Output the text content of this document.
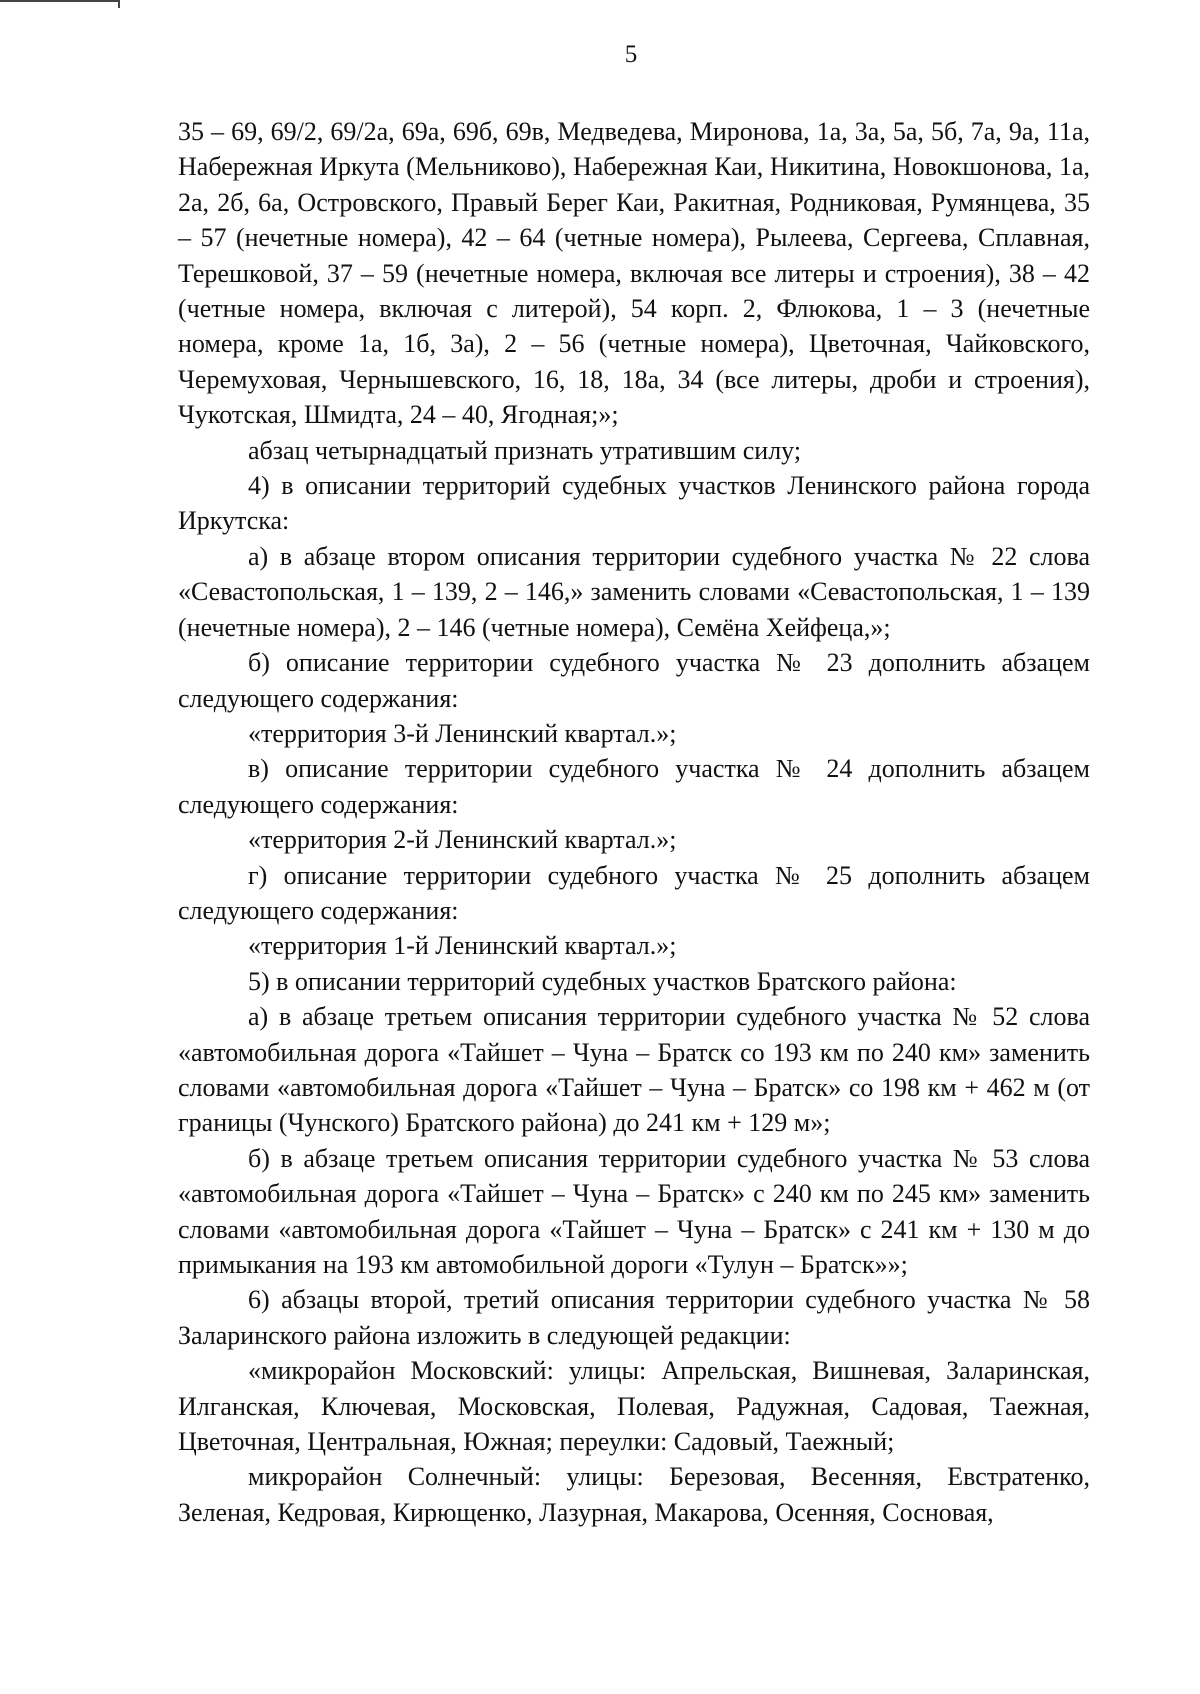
5

35 – 69, 69/2, 69/2а, 69а, 69б, 69в, Медведева, Миронова, 1а, 3а, 5а, 5б, 7а, 9а, 11а, Набережная Иркута (Мельниково), Набережная Каи, Никитина, Новокшонова, 1а, 2а, 2б, 6а, Островского, Правый Берег Каи, Ракитная, Родниковая, Румянцева, 35 – 57 (нечетные номера), 42 – 64 (четные номера), Рылеева, Сергеева, Сплавная, Терешковой, 37 – 59 (нечетные номера, включая все литеры и строения), 38 – 42 (четные номера, включая с литерой), 54 корп. 2, Флюкова, 1 – 3 (нечетные номера, кроме 1а, 1б, 3а), 2 – 56 (четные номера), Цветочная, Чайковского, Черемуховая, Чернышевского, 16, 18, 18а, 34 (все литеры, дроби и строения), Чукотская, Шмидта, 24 – 40, Ягодная;»;

абзац четырнадцатый признать утратившим силу;

4) в описании территорий судебных участков Ленинского района города Иркутска:

а) в абзаце втором описания территории судебного участка № 22 слова «Севастопольская, 1 – 139, 2 – 146,» заменить словами «Севастопольская, 1 – 139 (нечетные номера), 2 – 146 (четные номера), Семёна Хейфеца,»;

б) описание территории судебного участка № 23 дополнить абзацем следующего содержания:

«территория 3-й Ленинский квартал.»;

в) описание территории судебного участка № 24 дополнить абзацем следующего содержания:

«территория 2-й Ленинский квартал.»;

г) описание территории судебного участка № 25 дополнить абзацем следующего содержания:

«территория 1-й Ленинский квартал.»;

5) в описании территорий судебных участков Братского района:

а) в абзаце третьем описания территории судебного участка № 52 слова «автомобильная дорога «Тайшет – Чуна – Братск со 193 км по 240 км» заменить словами «автомобильная дорога «Тайшет – Чуна – Братск» со 198 км + 462 м (от границы (Чунского) Братского района) до 241 км + 129 м»;

б) в абзаце третьем описания территории судебного участка № 53 слова «автомобильная дорога «Тайшет – Чуна – Братск» с 240 км по 245 км» заменить словами «автомобильная дорога «Тайшет – Чуна – Братск» с 241 км + 130 м до примыкания на 193 км автомобильной дороги «Тулун – Братск»»;

6) абзацы второй, третий описания территории судебного участка № 58 Заларинского района изложить в следующей редакции:

«микрорайон Московский: улицы: Апрельская, Вишневая, Заларинская, Илганская, Ключевая, Московская, Полевая, Радужная, Садовая, Таежная, Цветочная, Центральная, Южная; переулки: Садовый, Таежный;

микрорайон Солнечный: улицы: Березовая, Весенняя, Евстратенко, Зеленая, Кедровая, Кирющенко, Лазурная, Макарова, Осенняя, Сосновая,
